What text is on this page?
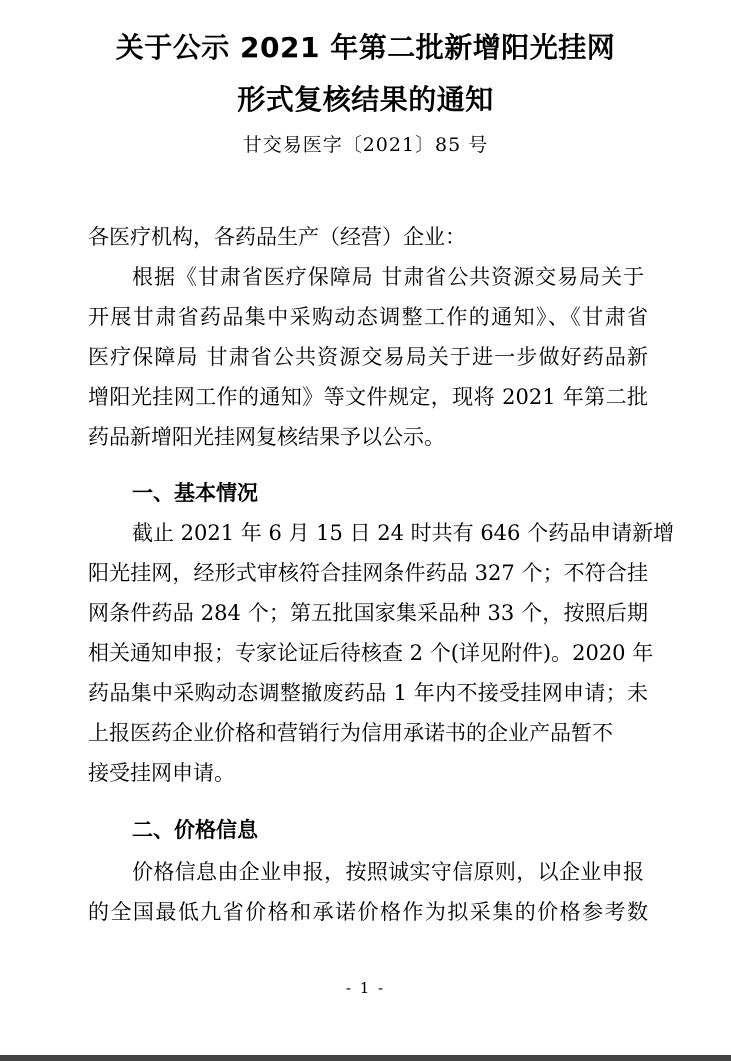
关于公示 2021 年第二批新增阳光挂网
形式复核结果的通知
甘交易医字〔2021〕85 号
各医疗机构，各药品生产（经营）企业：
根据《甘肃省医疗保障局 甘肃省公共资源交易局关于
开展甘肃省药品集中采购动态调整工作的通知》、《甘肃省
医疗保障局 甘肃省公共资源交易局关于进一步做好药品新
增阳光挂网工作的通知》等文件规定，现将 2021 年第二批
药品新增阳光挂网复核结果予以公示。
一、基本情况
截止 2021 年 6 月 15 日 24 时共有 646 个药品申请新增
阳光挂网，经形式审核符合挂网条件药品 327 个；不符合挂
网条件药品 284 个；第五批国家集采品种 33 个，按照后期
相关通知申报；专家论证后待核查 2 个(详见附件)。2020 年
药品集中采购动态调整撤废药品 1 年内不接受挂网申请；未
上报医药企业价格和营销行为信用承诺书的企业产品暂不
接受挂网申请。
二、价格信息
价格信息由企业申报，按照诚实守信原则，以企业申报
的全国最低九省价格和承诺价格作为拟采集的价格参考数
- 1 -
